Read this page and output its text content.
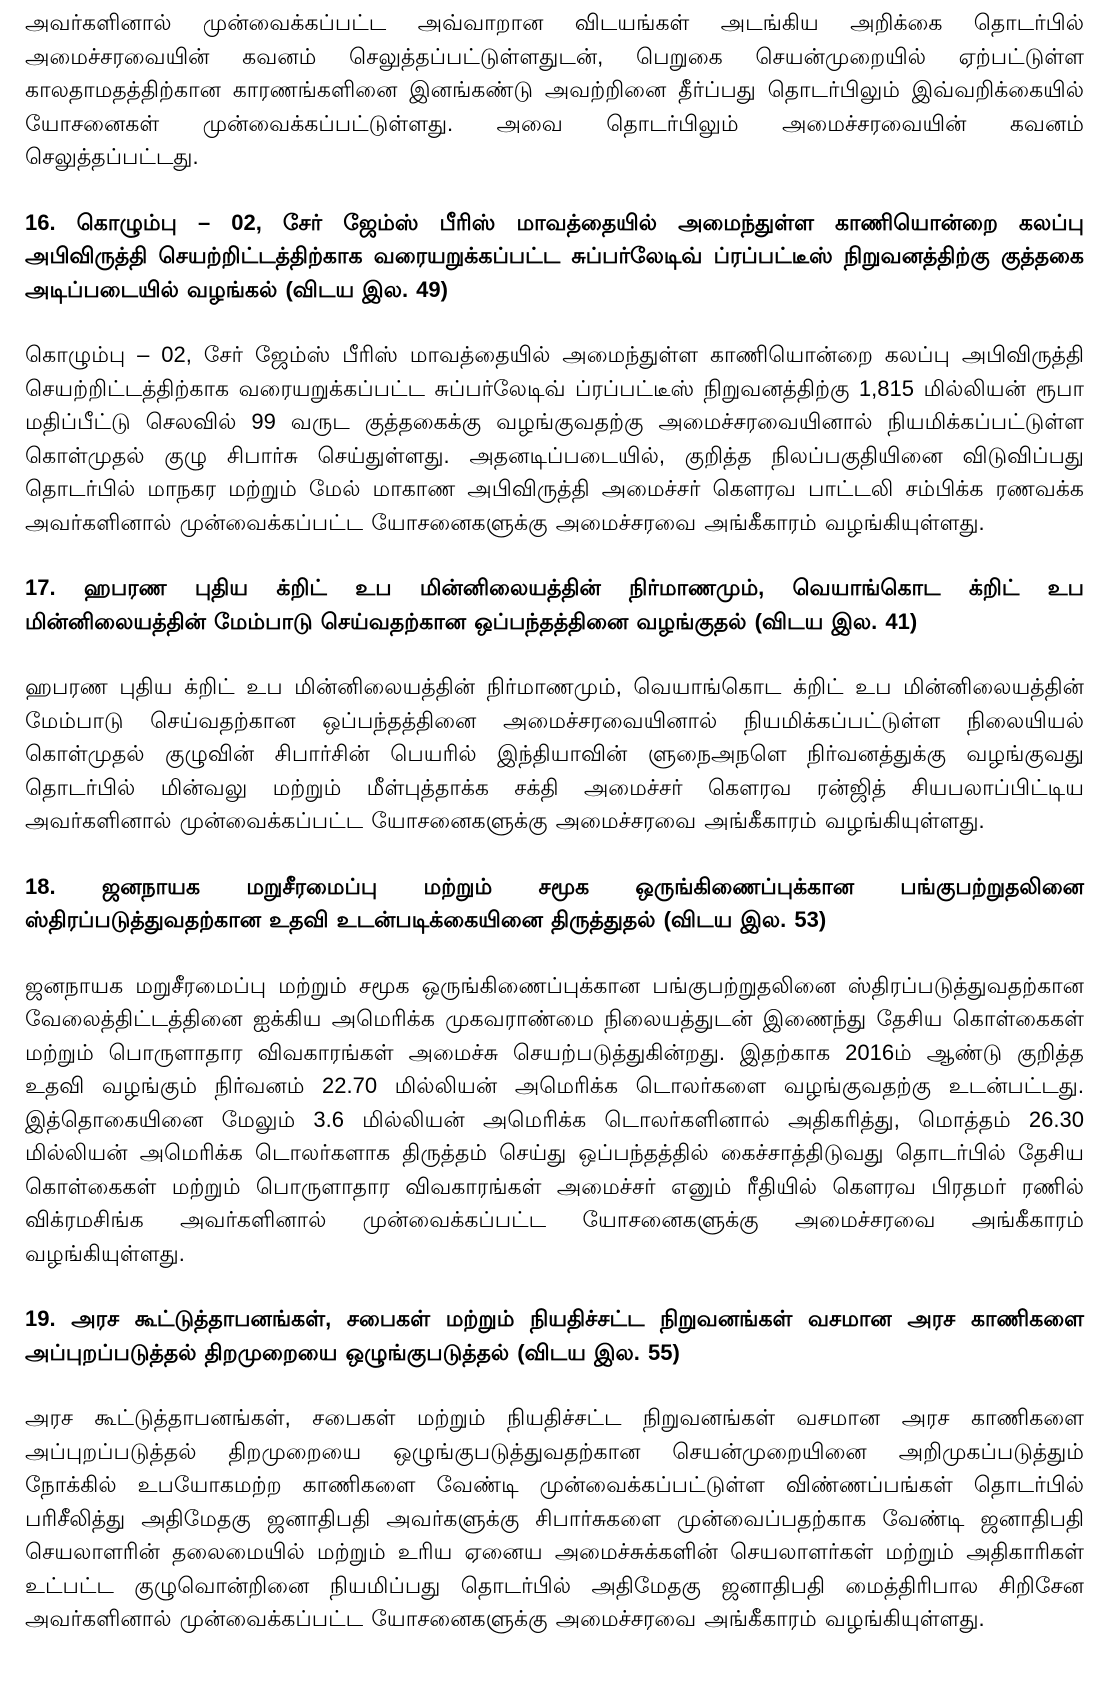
அவர்களினால் முன்வைக்கப்பட்ட அவ்வாறான விடயங்கள் அடங்கிய அறிக்கை தொடர்பில் அமைச்சரவையின் கவனம் செலுத்தப்பட்டுள்ளதுடன், பெறுகை செயன்முறையில் ஏற்பட்டுள்ள காலதாமதத்திற்கான காரணங்களினை இனங்கண்டு அவற்றினை தீர்ப்பது தொடர்பிலும் இவ்வறிக்கையில் யோசனைகள் முன்வைக்கப்பட்டுள்ளது. அவை தொடர்பிலும் அமைச்சரவையின் கவனம் செலுத்தப்பட்டது.
16. கொழும்பு – 02, சேர் ஜேம்ஸ் பீரிஸ் மாவத்தையில் அமைந்துள்ள காணியொன்றை கலப்பு அபிவிருத்தி செயற்றிட்டத்திற்காக வரையறுக்கப்பட்ட சுப்பர்லேடிவ் ப்ரப்பட்டீஸ் நிறுவனத்திற்கு குத்தகை அடிப்படையில் வழங்கல் (விடய இல. 49)
கொழும்பு – 02, சேர் ஜேம்ஸ் பீரிஸ் மாவத்தையில் அமைந்துள்ள காணியொன்றை கலப்பு அபிவிருத்தி செயற்றிட்டத்திற்காக வரையறுக்கப்பட்ட சுப்பர்லேடிவ் ப்ரப்பட்டீஸ் நிறுவனத்திற்கு 1,815 மில்லியன் ரூபா மதிப்பீட்டு செலவில் 99 வருட குத்தகைக்கு வழங்குவதற்கு அமைச்சரவையினால் நியமிக்கப்பட்டுள்ள கொள்முதல் குழு சிபார்சு செய்துள்ளது. அதனடிப்படையில், குறித்த நிலப்பகுதியினை விடுவிப்பது தொடர்பில் மாநகர மற்றும் மேல் மாகாண அபிவிருத்தி அமைச்சர் கௌரவ பாட்டலி சம்பிக்க ரணவக்க அவர்களினால் முன்வைக்கப்பட்ட யோசனைகளுக்கு அமைச்சரவை அங்கீகாரம் வழங்கியுள்ளது.
17. ஹபரண புதிய க்றிட் உப மின்னிலையத்தின் நிர்மாணமும், வெயாங்கொட க்றிட் உப மின்னிலையத்தின் மேம்பாடு செய்வதற்கான ஒப்பந்தத்தினை வழங்குதல் (விடய இல. 41)
ஹபரண புதிய க்றிட் உப மின்னிலையத்தின் நிர்மாணமும், வெயாங்கொட க்றிட் உப மின்னிலையத்தின் மேம்பாடு செய்வதற்கான ஒப்பந்தத்தினை அமைச்சரவையினால் நியமிக்கப்பட்டுள்ள நிலையியல் கொள்முதல் குழுவின் சிபார்சின் பெயரில் இந்தியாவின் ளுநைஅநளெ நிர்வனத்துக்கு வழங்குவது தொடர்பில் மின்வலு மற்றும் மீள்புத்தாக்க சக்தி அமைச்சர் கௌரவ ரன்ஜித் சியபலாப்பிட்டிய அவர்களினால் முன்வைக்கப்பட்ட யோசனைகளுக்கு அமைச்சரவை அங்கீகாரம் வழங்கியுள்ளது.
18. ஜனநாயக மறுசீரமைப்பு மற்றும் சமூக ஒருங்கிணைப்புக்கான பங்குபற்றுதலினை ஸ்திரப்படுத்துவதற்கான உதவி உடன்படிக்கையினை திருத்துதல் (விடய இல. 53)
ஜனநாயக மறுசீரமைப்பு மற்றும் சமூக ஒருங்கிணைப்புக்கான பங்குபற்றுதலினை ஸ்திரப்படுத்துவதற்கான வேலைத்திட்டத்தினை ஐக்கிய அமெரிக்க முகவராண்மை நிலையத்துடன் இணைந்து தேசிய கொள்கைகள் மற்றும் பொருளாதார விவகாரங்கள் அமைச்சு செயற்படுத்துகின்றது. இதற்காக 2016ம் ஆண்டு குறித்த உதவி வழங்கும் நிர்வனம் 22.70 மில்லியன் அமெரிக்க டொலர்களை வழங்குவதற்கு உடன்பட்டது. இத்தொகையினை மேலும் 3.6 மில்லியன் அமெரிக்க டொலர்களினால் அதிகரித்து, மொத்தம் 26.30 மில்லியன் அமெரிக்க டொலர்களாக திருத்தம் செய்து ஒப்பந்தத்தில் கைச்சாத்திடுவது தொடர்பில் தேசிய கொள்கைகள் மற்றும் பொருளாதார விவகாரங்கள் அமைச்சர் எனும் ரீதியில் கௌரவ பிரதமர் ரணில் விக்ரமசிங்க அவர்களினால் முன்வைக்கப்பட்ட யோசனைகளுக்கு அமைச்சரவை அங்கீகாரம் வழங்கியுள்ளது.
19. அரச கூட்டுத்தாபனங்கள், சபைகள் மற்றும் நியதிச்சட்ட நிறுவனங்கள் வசமான அரச காணிகளை அப்புறப்படுத்தல் திறமுறையை ஒழுங்குபடுத்தல் (விடய இல. 55)
அரச கூட்டுத்தாபனங்கள், சபைகள் மற்றும் நியதிச்சட்ட நிறுவனங்கள் வசமான அரச காணிகளை அப்புறப்படுத்தல் திறமுறையை ஒழுங்குபடுத்துவதற்கான செயன்முறையினை அறிமுகப்படுத்தும் நோக்கில் உபயோகமற்ற காணிகளை வேண்டி முன்வைக்கப்பட்டுள்ள விண்ணப்பங்கள் தொடர்பில் பரிசீலித்து அதிமேதகு ஜனாதிபதி அவர்களுக்கு சிபார்சுகளை முன்வைப்பதற்காக வேண்டி ஜனாதிபதி செயலாளரின் தலைமையில் மற்றும் உரிய ஏனைய அமைச்சுக்களின் செயலாளர்கள் மற்றும் அதிகாரிகள் உட்பட்ட குழுவொன்றினை நியமிப்பது தொடர்பில் அதிமேதகு ஜனாதிபதி மைத்திரிபால சிறிசேன அவர்களினால் முன்வைக்கப்பட்ட யோசனைகளுக்கு அமைச்சரவை அங்கீகாரம் வழங்கியுள்ளது.
